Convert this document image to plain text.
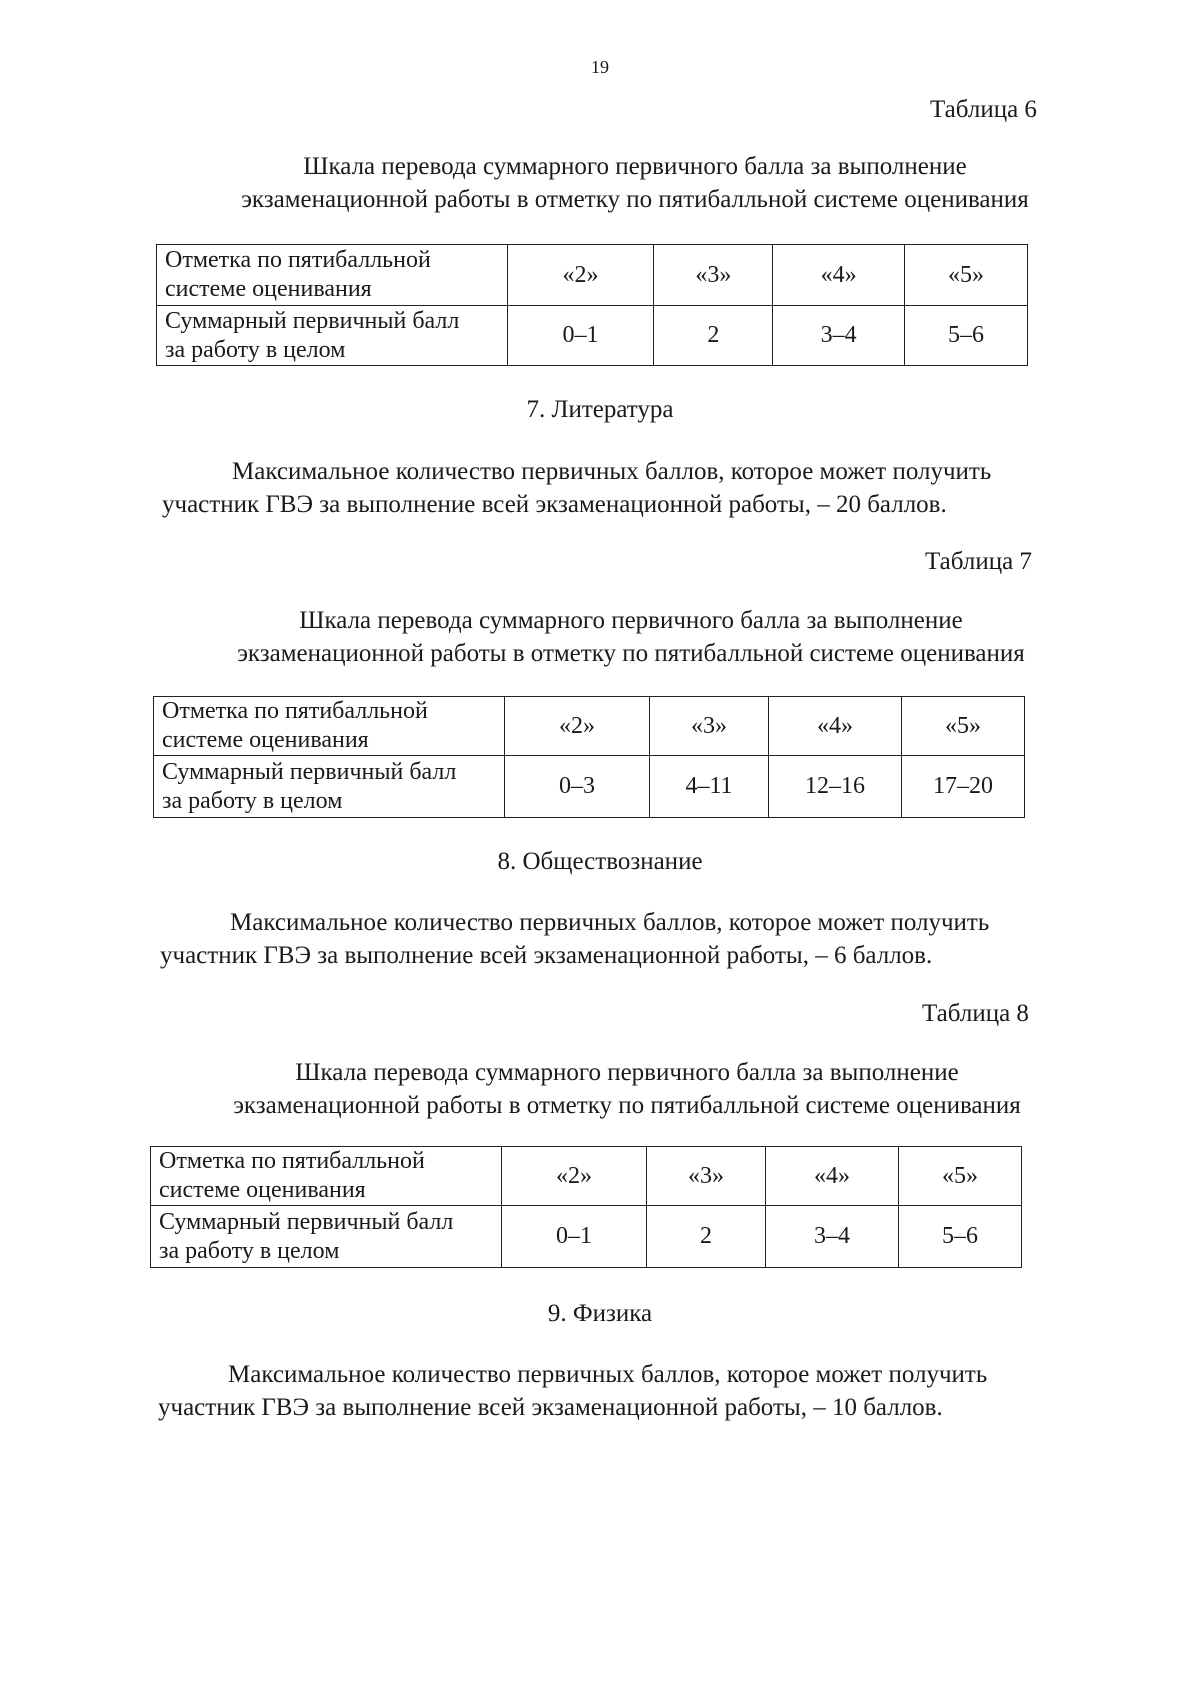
19
Таблица 6
Шкала перевода суммарного первичного балла за выполнение
экзаменационной работы в отметку по пятибалльной системе оценивания
Отметка по пятибалльной
системе оценивания	«2»	«3»	«4»	«5»

Суммарный первичный балл
за работу в целом	0–1	2	3–4	5–6
7. Литература
Максимальное количество первичных баллов, которое может получить
участник ГВЭ за выполнение всей экзаменационной работы, – 20 баллов.
Таблица 7
Шкала перевода суммарного первичного балла за выполнение
экзаменационной работы в отметку по пятибалльной системе оценивания
Отметка по пятибалльной
системе оценивания	«2»	«3»	«4»	«5»

Суммарный первичный балл
за работу в целом	0–3	4–11	12–16	17–20
8. Обществознание
Максимальное количество первичных баллов, которое может получить
участник ГВЭ за выполнение всей экзаменационной работы, – 6 баллов.
Таблица 8
Шкала перевода суммарного первичного балла за выполнение
экзаменационной работы в отметку по пятибалльной системе оценивания
Отметка по пятибалльной
системе оценивания	«2»	«3»	«4»	«5»

Суммарный первичный балл
за работу в целом	0–1	2	3–4	5–6
9. Физика
Максимальное количество первичных баллов, которое может получить
участник ГВЭ за выполнение всей экзаменационной работы, – 10 баллов.
